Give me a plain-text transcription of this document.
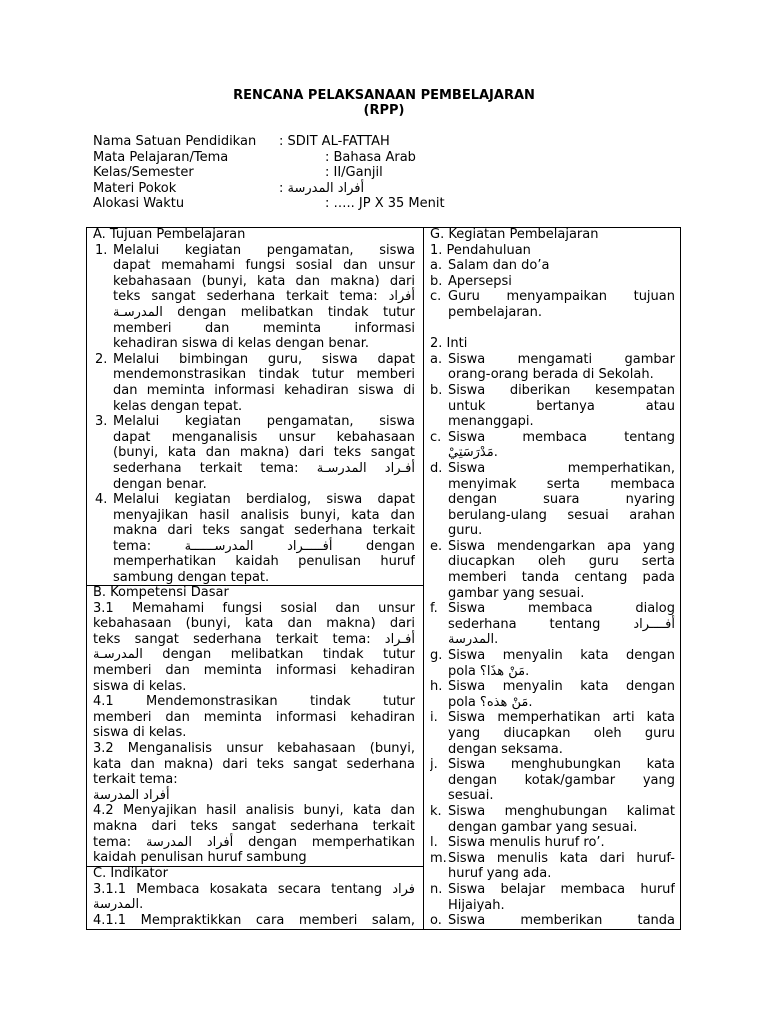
RENCANA PELAKSANAAN PEMBELAJARAN
(RPP)
Nama Satuan Pendidikan : SDIT AL-FATTAH
Mata Pelajaran/Tema	: Bahasa Arab
Kelas/Semester	: II/Ganjil
Materi Pokok	: أفراد المدرسة
Alokasi Waktu	: ….. JP X 35 Menit
A. Tujuan Pembelajaran
1. Melalui kegiatan pengamatan, siswa
dapat memahami fungsi sosial dan unsur
kebahasaan (bunyi, kata dan makna) dari
teks sangat sederhana terkait tema: أفراد
المدرسـة dengan melibatkan tindak tutur
memberi dan meminta informasi
kehadiran siswa di kelas dengan benar.
2. Melalui bimbingan guru, siswa dapat
mendemonstrasikan tindak tutur memberi
dan meminta informasi kehadiran siswa di
kelas dengan tepat.
3. Melalui kegiatan pengamatan, siswa
dapat menganalisis unsur kebahasaan
(bunyi, kata dan makna) dari teks sangat
sederhana terkait tema: أفـراد المدرسـة
dengan benar.
4. Melalui kegiatan berdialog, siswa dapat
menyajikan hasil analisis bunyi, kata dan
makna dari teks sangat sederhana terkait
tema: أفـــــراد المدرســــــة dengan
memperhatikan kaidah penulisan huruf
sambung dengan tepat.
B. Kompetensi Dasar
3.1 Memahami fungsi sosial dan unsur
kebahasaan (bunyi, kata dan makna) dari
teks sangat sederhana terkait tema: أفـراد
المدرسـة dengan melibatkan tindak tutur
memberi dan meminta informasi kehadiran
siswa di kelas.
4.1 Mendemonstrasikan tindak tutur
memberi dan meminta informasi kehadiran
siswa di kelas.
3.2 Menganalisis unsur kebahasaan (bunyi,
kata dan makna) dari teks sangat sederhana
terkait tema:
أفراد المدرسة
4.2 Menyajikan hasil analisis bunyi, kata dan
makna dari teks sangat sederhana terkait
tema: أفراد المدرسة dengan memperhatikan
kaidah penulisan huruf sambung
C. Indikator
3.1.1 Membaca kosakata secara tentang فراد
المدرسة.
4.1.1 Mempraktikkan cara memberi salam,
G. Kegiatan Pembelajaran
1. Pendahuluan
a. Salam dan do’a
b. Apersepsi
c. Guru menyampaikan tujuan
pembelajaran.
2. Inti
a. Siswa mengamati gambar
orang-orang berada di Sekolah.
b. Siswa diberikan kesempatan
untuk bertanya atau
menanggapi.
c. Siswa membaca tentang
مَدْرَسَتِيْ.
d. Siswa memperhatikan,
menyimak serta membaca
dengan suara nyaring
berulang-ulang sesuai arahan
guru.
e. Siswa mendengarkan apa yang
diucapkan oleh guru serta
memberi tanda centang pada
gambar yang sesuai.
f. Siswa membaca dialog
sederhana tentang أفــــراد
المدرسة.
g. Siswa menyalin kata dengan
pola مَنْ هذَا؟.
h. Siswa menyalin kata dengan
pola مَنْ هذه؟.
i. Siswa memperhatikan arti kata
yang diucapkan oleh guru
dengan seksama.
j. Siswa menghubungkan kata
dengan kotak/gambar yang
sesuai.
k. Siswa menghubungan kalimat
dengan gambar yang sesuai.
l. Siswa menulis huruf ro’.
m. Siswa menulis kata dari huruf-
huruf yang ada.
n. Siswa belajar membaca huruf
Hijaiyah.
o. Siswa memberikan tanda
